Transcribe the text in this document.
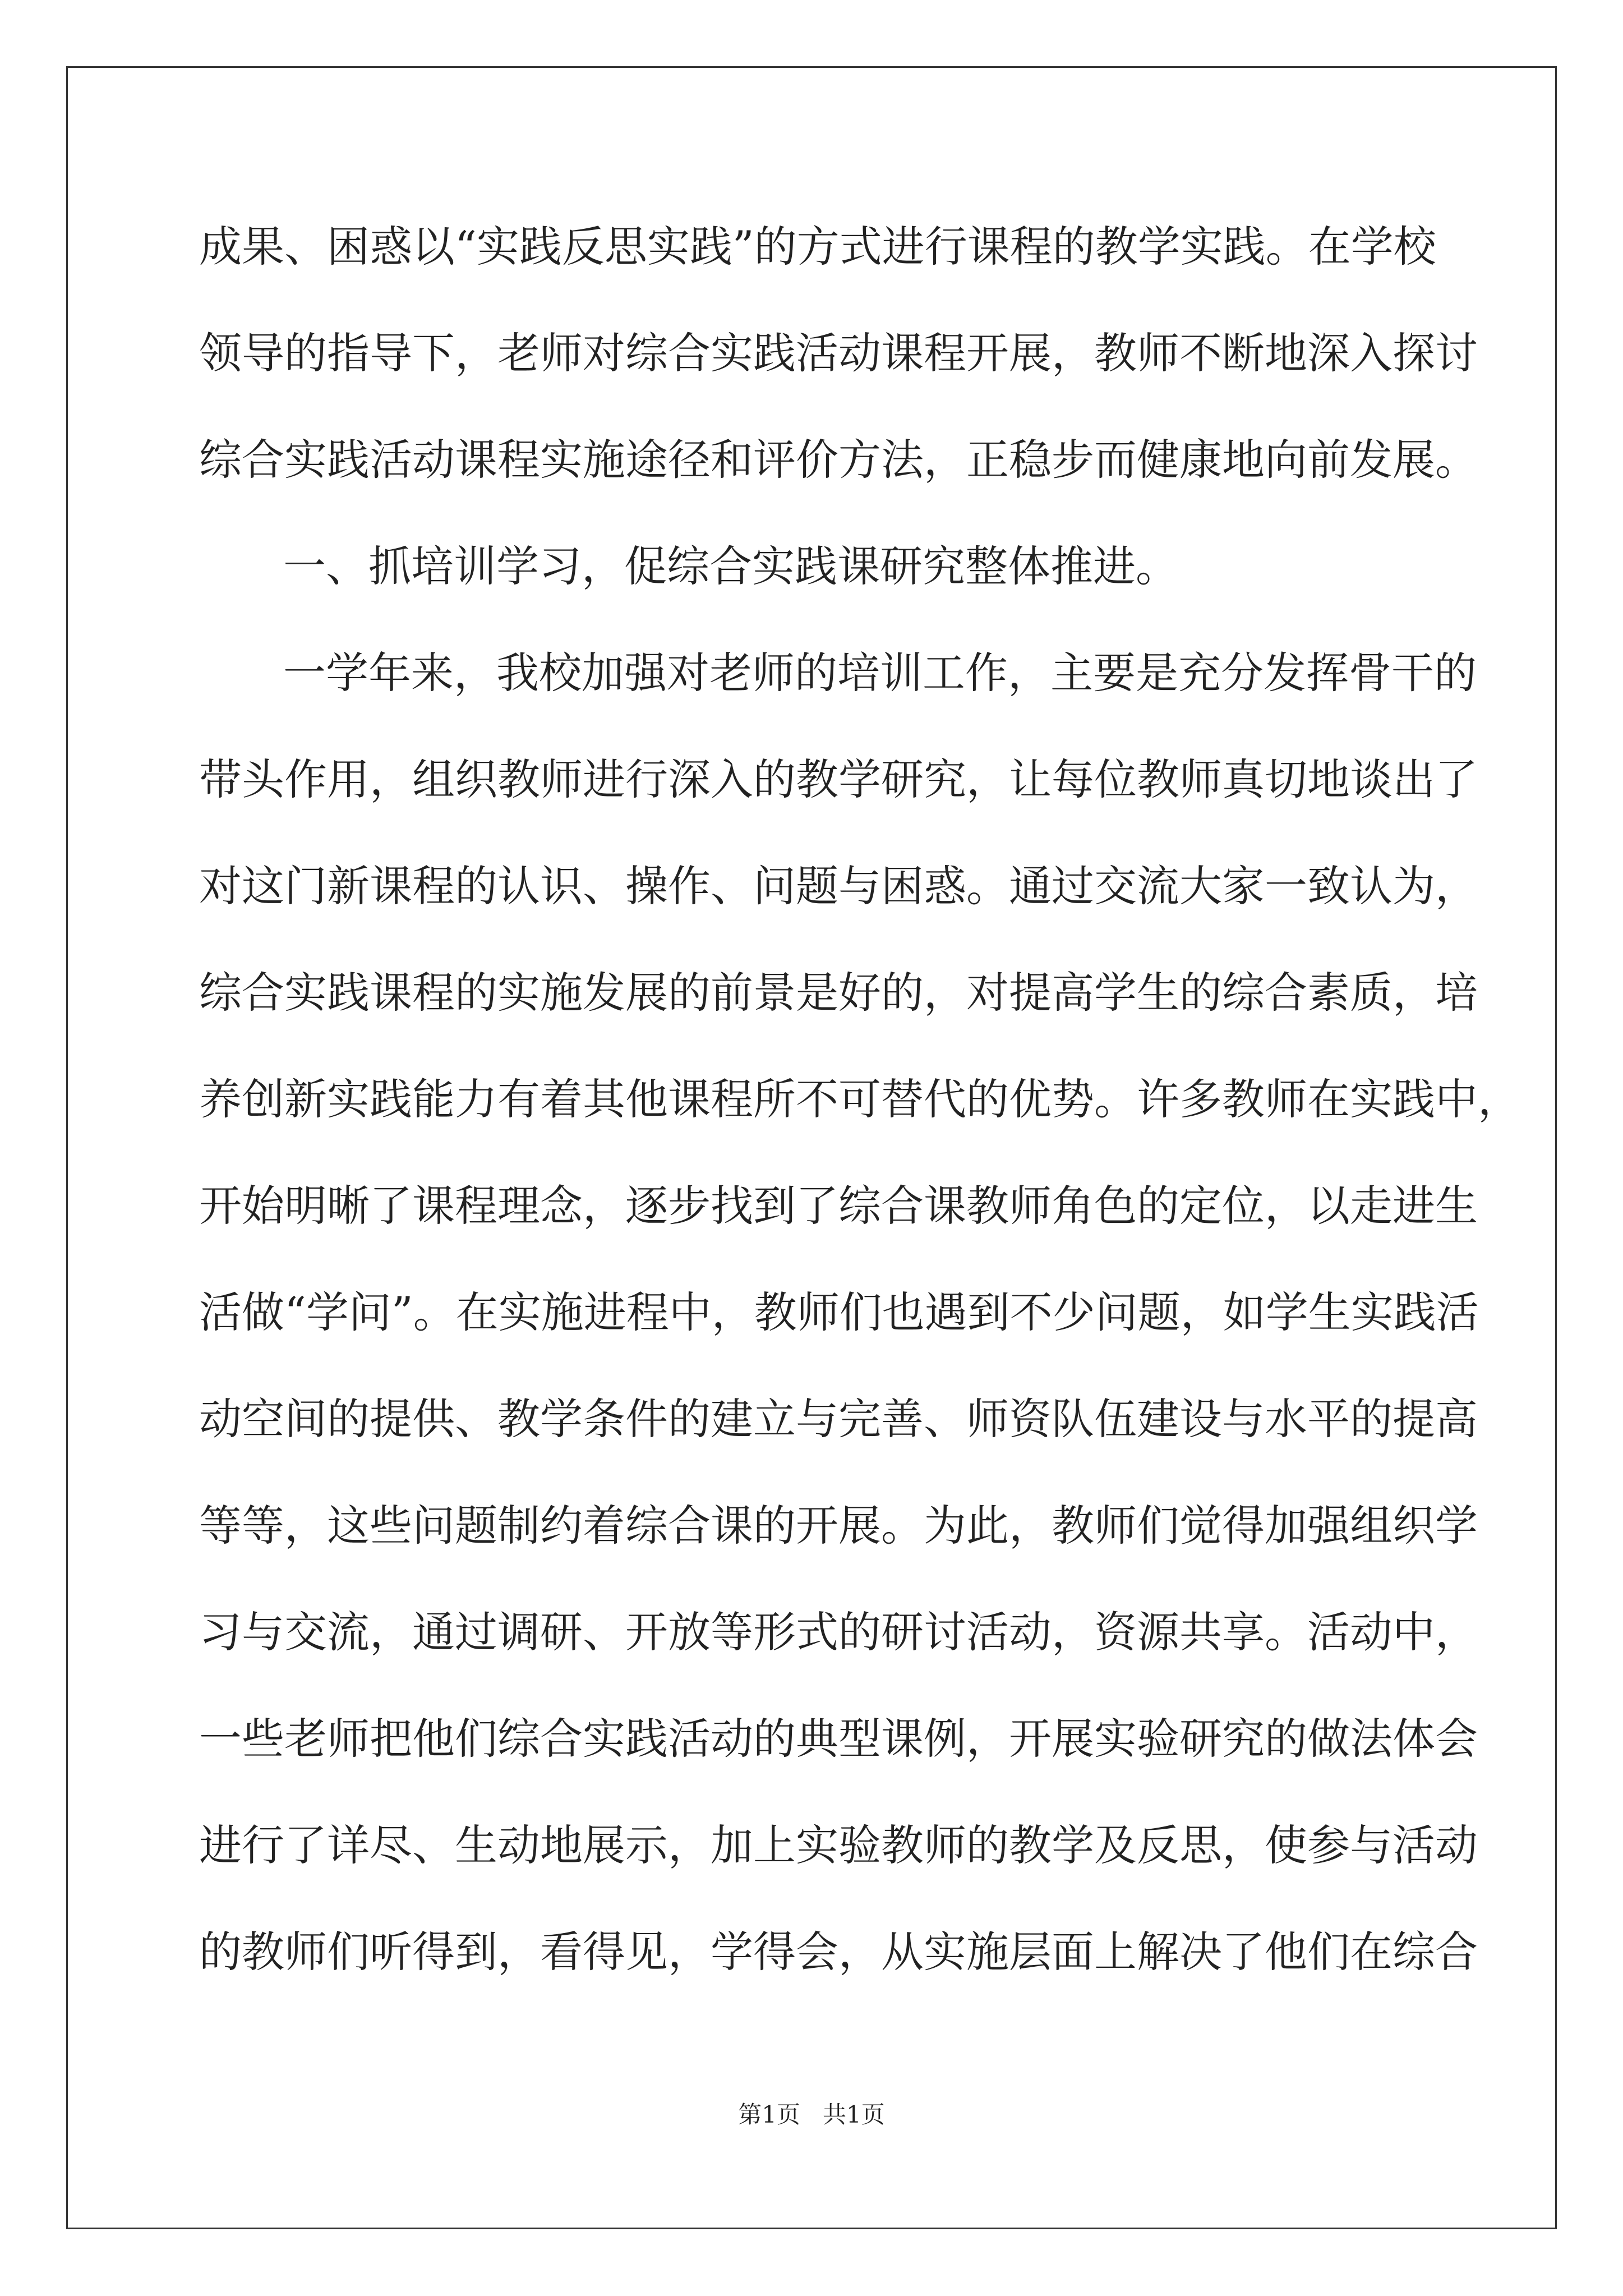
成果、困惑以“实践反思实践”的方式进行课程的教学实践。在学校
领导的指导下，老师对综合实践活动课程开展，教师不断地深入探讨
综合实践活动课程实施途径和评价方法，正稳步而健康地向前发展。
一、抓培训学习，促综合实践课研究整体推进。
一学年来，我校加强对老师的培训工作，主要是充分发挥骨干的
带头作用，组织教师进行深入的教学研究，让每位教师真切地谈出了
对这门新课程的认识、操作、问题与困惑。通过交流大家一致认为，
综合实践课程的实施发展的前景是好的，对提高学生的综合素质，培
养创新实践能力有着其他课程所不可替代的优势。许多教师在实践中，
开始明晰了课程理念，逐步找到了综合课教师角色的定位，以走进生
活做“学问”。在实施进程中，教师们也遇到不少问题，如学生实践活
动空间的提供、教学条件的建立与完善、师资队伍建设与水平的提高
等等，这些问题制约着综合课的开展。为此，教师们觉得加强组织学
习与交流，通过调研、开放等形式的研讨活动，资源共享。活动中，
一些老师把他们综合实践活动的典型课例，开展实验研究的做法体会
进行了详尽、生动地展示，加上实验教师的教学及反思，使参与活动
的教师们听得到，看得见，学得会，从实施层面上解决了他们在综合
第1页   共1页
